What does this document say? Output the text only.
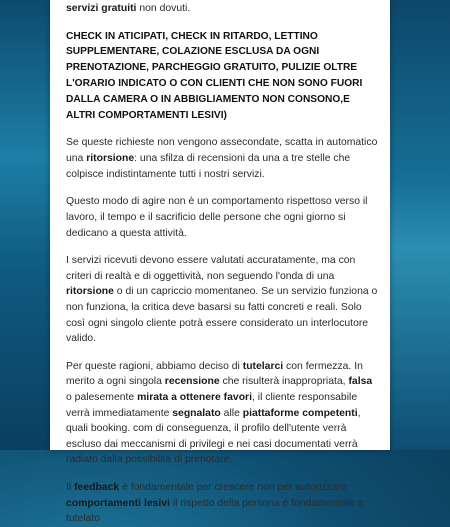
servizi gratuiti non dovuti.

CHECK IN ATICIPATI, CHECK IN RITARDO, LETTINO SUPPLEMENTARE, COLAZIONE ESCLUSA DA OGNI PRENOTAZIONE, PARCHEGGIO GRATUITO, PULIZIE OLTRE L'ORARIO INDICATO O CON CLIENTI CHE NON SONO FUORI DALLA CAMERA O IN ABBIGLIAMENTO NON CONSONO,E ALTRI COMPORTAMENTI LESIVI)

Se queste richieste non vengono assecondate, scatta in automatico una ritorsione: una sfilza di recensioni da una a tre stelle che colpisce indistintamente tutti i nostri servizi.

Questo modo di agire non è un comportamento rispettoso verso il lavoro, il tempo e il sacrificio delle persone che ogni giorno si dedicano a questa attività.

I servizi ricevuti devono essere valutati accuratamente, ma con criteri di realtà e di oggettività, non seguendo l'onda di una ritorsione o di un capriccio momentaneo. Se un servizio funziona o non funziona, la critica deve basarsi su fatti concreti e reali. Solo così ogni singolo cliente potrà essere considerato un interlocutore valido.

Per queste ragioni, abbiamo deciso di tutelarci con fermezza. In merito a ogni singola recensione che risulterà inappropriata, falsa o palesemente mirata a ottenere favori, il cliente responsabile verrà immediatamente segnalato alle piattaforme competenti, quali booking. com di conseguenza, il profilo dell'utente verrà escluso dai meccanismi di privilegi e nei casi documentati verrà radiato dalla possibilità di prenotare.

Il feedback è fondamentale per crescere non per autorizzare comportamenti lesivi il rispetto della persona è fondamentale e tutelato
